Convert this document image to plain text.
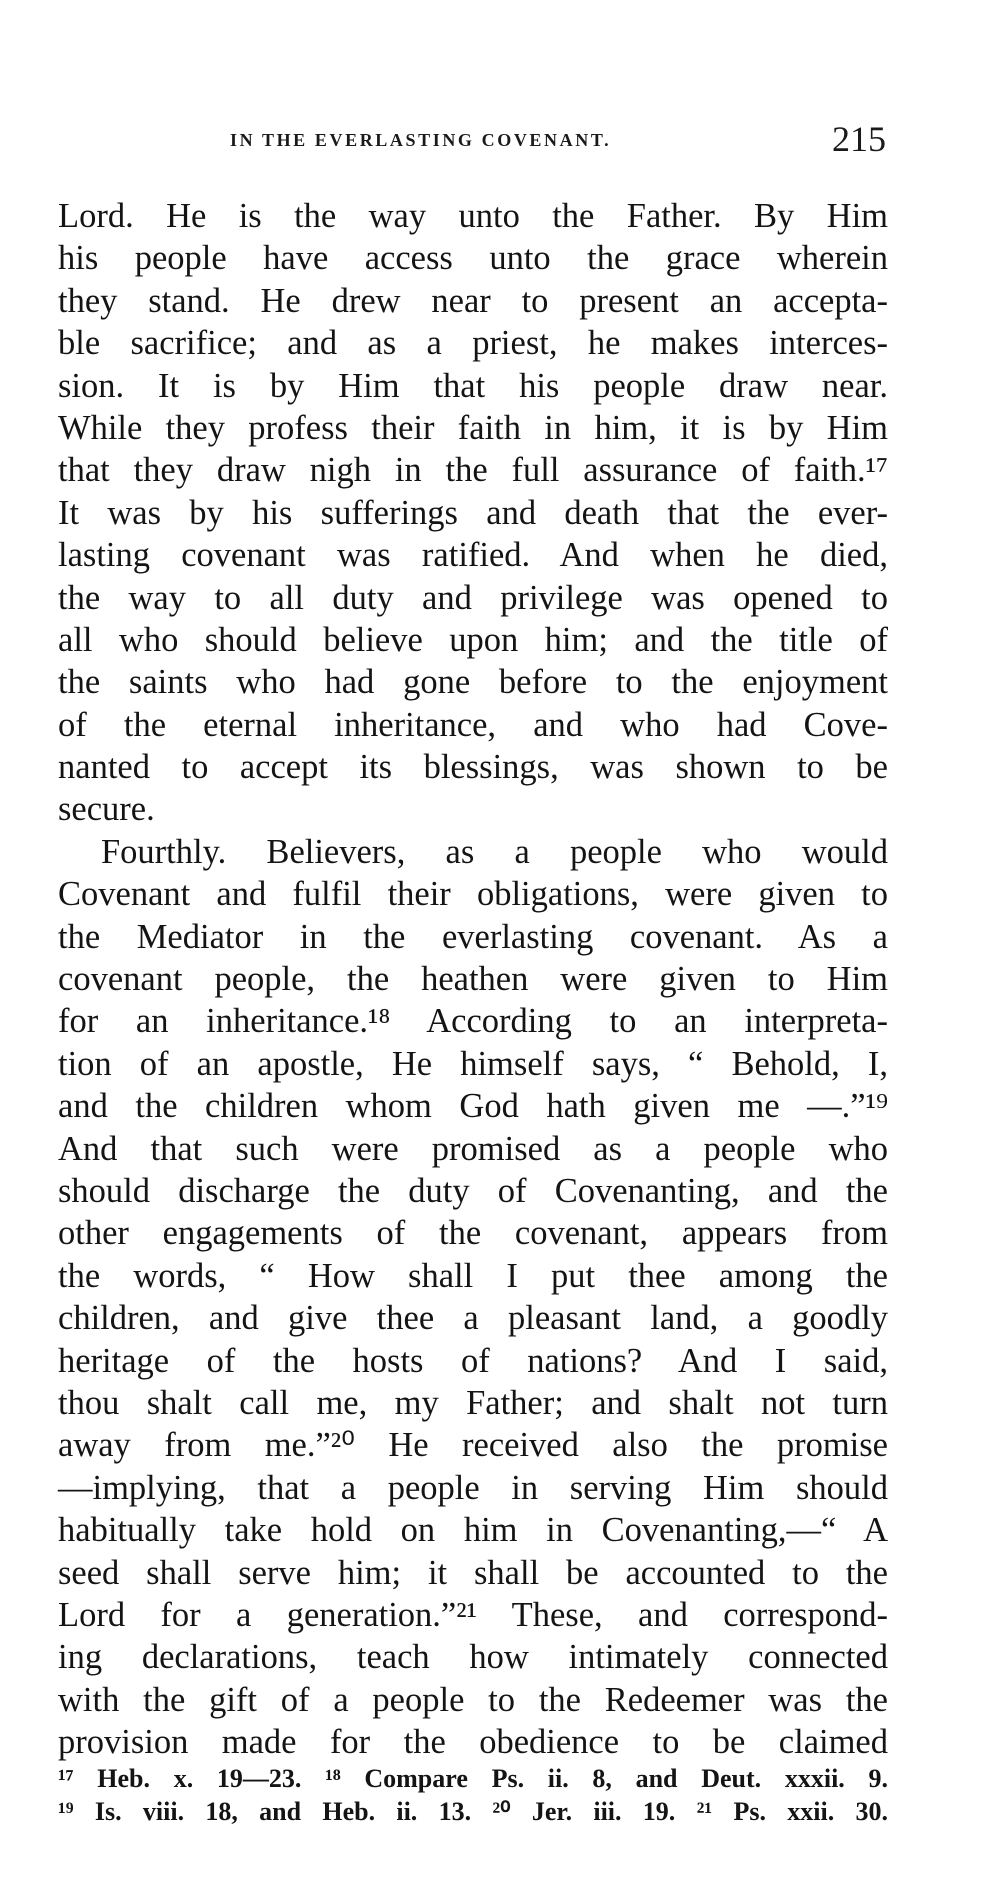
IN THE EVERLASTING COVENANT.	215
Lord. He is the way unto the Father. By Him
his people have access unto the grace wherein
they stand. He drew near to present an accepta-
ble sacrifice; and as a priest, he makes interces-
sion. It is by Him that his people draw near.
While they profess their faith in him, it is by Him
that they draw nigh in the full assurance of faith.¹⁷
It was by his sufferings and death that the ever-
lasting covenant was ratified. And when he died,
the way to all duty and privilege was opened to
all who should believe upon him; and the title of
the saints who had gone before to the enjoyment
of the eternal inheritance, and who had Cove-
nanted to accept its blessings, was shown to be
secure.
Fourthly. Believers, as a people who would
Covenant and fulfil their obligations, were given to
the Mediator in the everlasting covenant. As a
covenant people, the heathen were given to Him
for an inheritance.¹⁸ According to an interpreta-
tion of an apostle, He himself says, “ Behold, I,
and the children whom God hath given me —.”¹⁹
And that such were promised as a people who
should discharge the duty of Covenanting, and the
other engagements of the covenant, appears from
the words, “ How shall I put thee among the
children, and give thee a pleasant land, a goodly
heritage of the hosts of nations? And I said,
thou shalt call me, my Father; and shalt not turn
away from me.”²⁰ He received also the promise
—implying, that a people in serving Him should
habitually take hold on him in Covenanting,—“ A
seed shall serve him; it shall be accounted to the
Lord for a generation.”²¹ These, and correspond-
ing declarations, teach how intimately connected
with the gift of a people to the Redeemer was the
provision made for the obedience to be claimed
¹⁷ Heb. x. 19—23. ¹⁸ Compare Ps. ii. 8, and Deut. xxxii. 9.
¹⁹ Is. viii. 18, and Heb. ii. 13. ²⁰ Jer. iii. 19. ²¹ Ps. xxii. 30.
